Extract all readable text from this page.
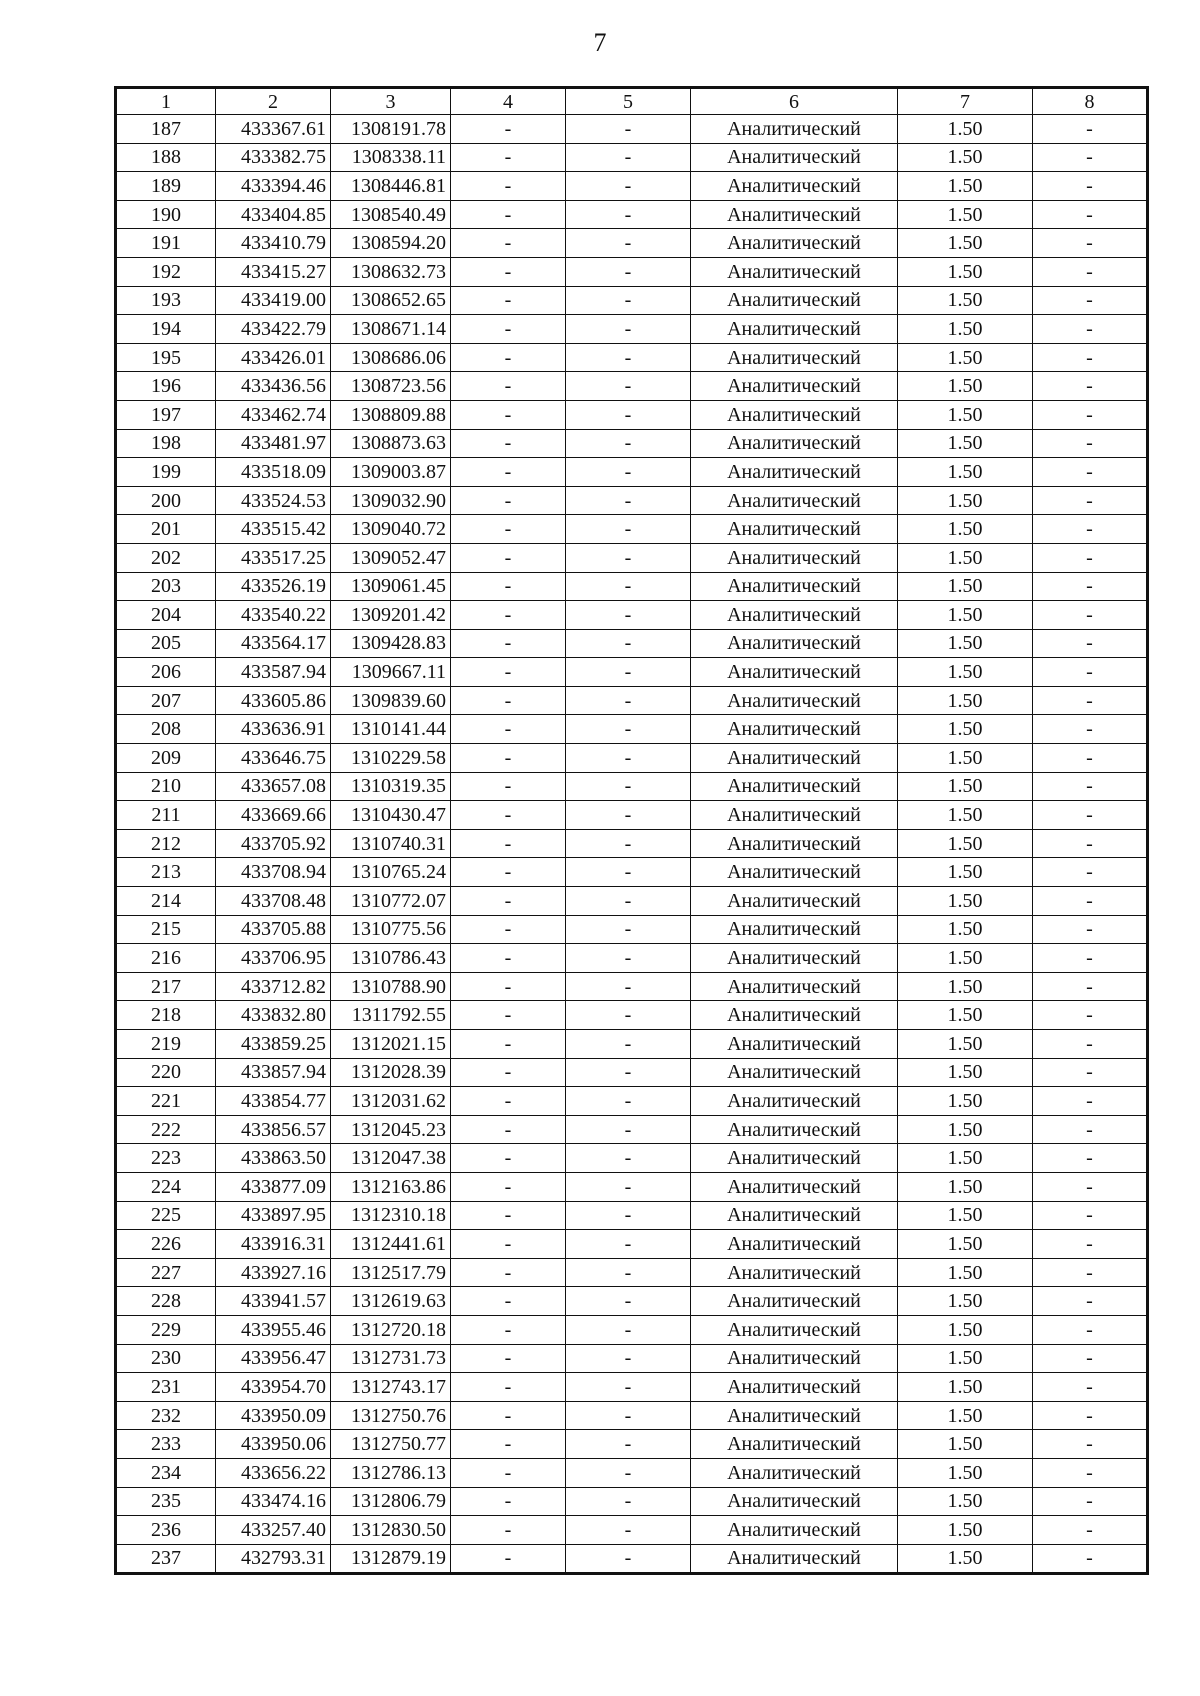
7
1	2	3	4	5	6	7	8
187	433367.61	1308191.78	-	-	Аналитический	1.50	-
188	433382.75	1308338.11	-	-	Аналитический	1.50	-
189	433394.46	1308446.81	-	-	Аналитический	1.50	-
190	433404.85	1308540.49	-	-	Аналитический	1.50	-
191	433410.79	1308594.20	-	-	Аналитический	1.50	-
192	433415.27	1308632.73	-	-	Аналитический	1.50	-
193	433419.00	1308652.65	-	-	Аналитический	1.50	-
194	433422.79	1308671.14	-	-	Аналитический	1.50	-
195	433426.01	1308686.06	-	-	Аналитический	1.50	-
196	433436.56	1308723.56	-	-	Аналитический	1.50	-
197	433462.74	1308809.88	-	-	Аналитический	1.50	-
198	433481.97	1308873.63	-	-	Аналитический	1.50	-
199	433518.09	1309003.87	-	-	Аналитический	1.50	-
200	433524.53	1309032.90	-	-	Аналитический	1.50	-
201	433515.42	1309040.72	-	-	Аналитический	1.50	-
202	433517.25	1309052.47	-	-	Аналитический	1.50	-
203	433526.19	1309061.45	-	-	Аналитический	1.50	-
204	433540.22	1309201.42	-	-	Аналитический	1.50	-
205	433564.17	1309428.83	-	-	Аналитический	1.50	-
206	433587.94	1309667.11	-	-	Аналитический	1.50	-
207	433605.86	1309839.60	-	-	Аналитический	1.50	-
208	433636.91	1310141.44	-	-	Аналитический	1.50	-
209	433646.75	1310229.58	-	-	Аналитический	1.50	-
210	433657.08	1310319.35	-	-	Аналитический	1.50	-
211	433669.66	1310430.47	-	-	Аналитический	1.50	-
212	433705.92	1310740.31	-	-	Аналитический	1.50	-
213	433708.94	1310765.24	-	-	Аналитический	1.50	-
214	433708.48	1310772.07	-	-	Аналитический	1.50	-
215	433705.88	1310775.56	-	-	Аналитический	1.50	-
216	433706.95	1310786.43	-	-	Аналитический	1.50	-
217	433712.82	1310788.90	-	-	Аналитический	1.50	-
218	433832.80	1311792.55	-	-	Аналитический	1.50	-
219	433859.25	1312021.15	-	-	Аналитический	1.50	-
220	433857.94	1312028.39	-	-	Аналитический	1.50	-
221	433854.77	1312031.62	-	-	Аналитический	1.50	-
222	433856.57	1312045.23	-	-	Аналитический	1.50	-
223	433863.50	1312047.38	-	-	Аналитический	1.50	-
224	433877.09	1312163.86	-	-	Аналитический	1.50	-
225	433897.95	1312310.18	-	-	Аналитический	1.50	-
226	433916.31	1312441.61	-	-	Аналитический	1.50	-
227	433927.16	1312517.79	-	-	Аналитический	1.50	-
228	433941.57	1312619.63	-	-	Аналитический	1.50	-
229	433955.46	1312720.18	-	-	Аналитический	1.50	-
230	433956.47	1312731.73	-	-	Аналитический	1.50	-
231	433954.70	1312743.17	-	-	Аналитический	1.50	-
232	433950.09	1312750.76	-	-	Аналитический	1.50	-
233	433950.06	1312750.77	-	-	Аналитический	1.50	-
234	433656.22	1312786.13	-	-	Аналитический	1.50	-
235	433474.16	1312806.79	-	-	Аналитический	1.50	-
236	433257.40	1312830.50	-	-	Аналитический	1.50	-
237	432793.31	1312879.19	-	-	Аналитический	1.50	-
